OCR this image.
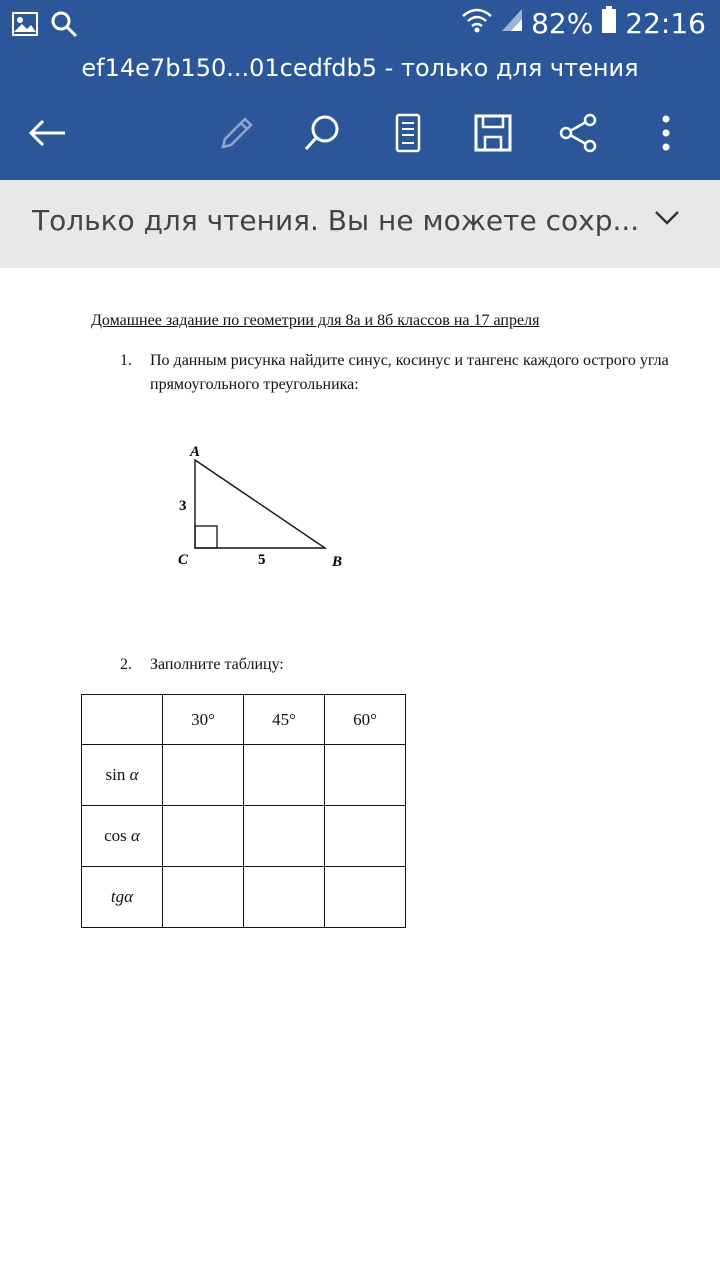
82% 22:16
ef14e7b150...01cedfdb5 - только для чтения
Только для чтения. Вы не можете сохр...
Домашнее задание по геометрии для 8а и 8б классов на 17 апреля
1. По данным рисунка найдите синус, косинус и тангенс каждого острого угла
прямоугольного треугольника:
A
B
C
3
5
2. Заполните таблицу:
	30°	45°	60°
sin α			
cos α			
tgα			
